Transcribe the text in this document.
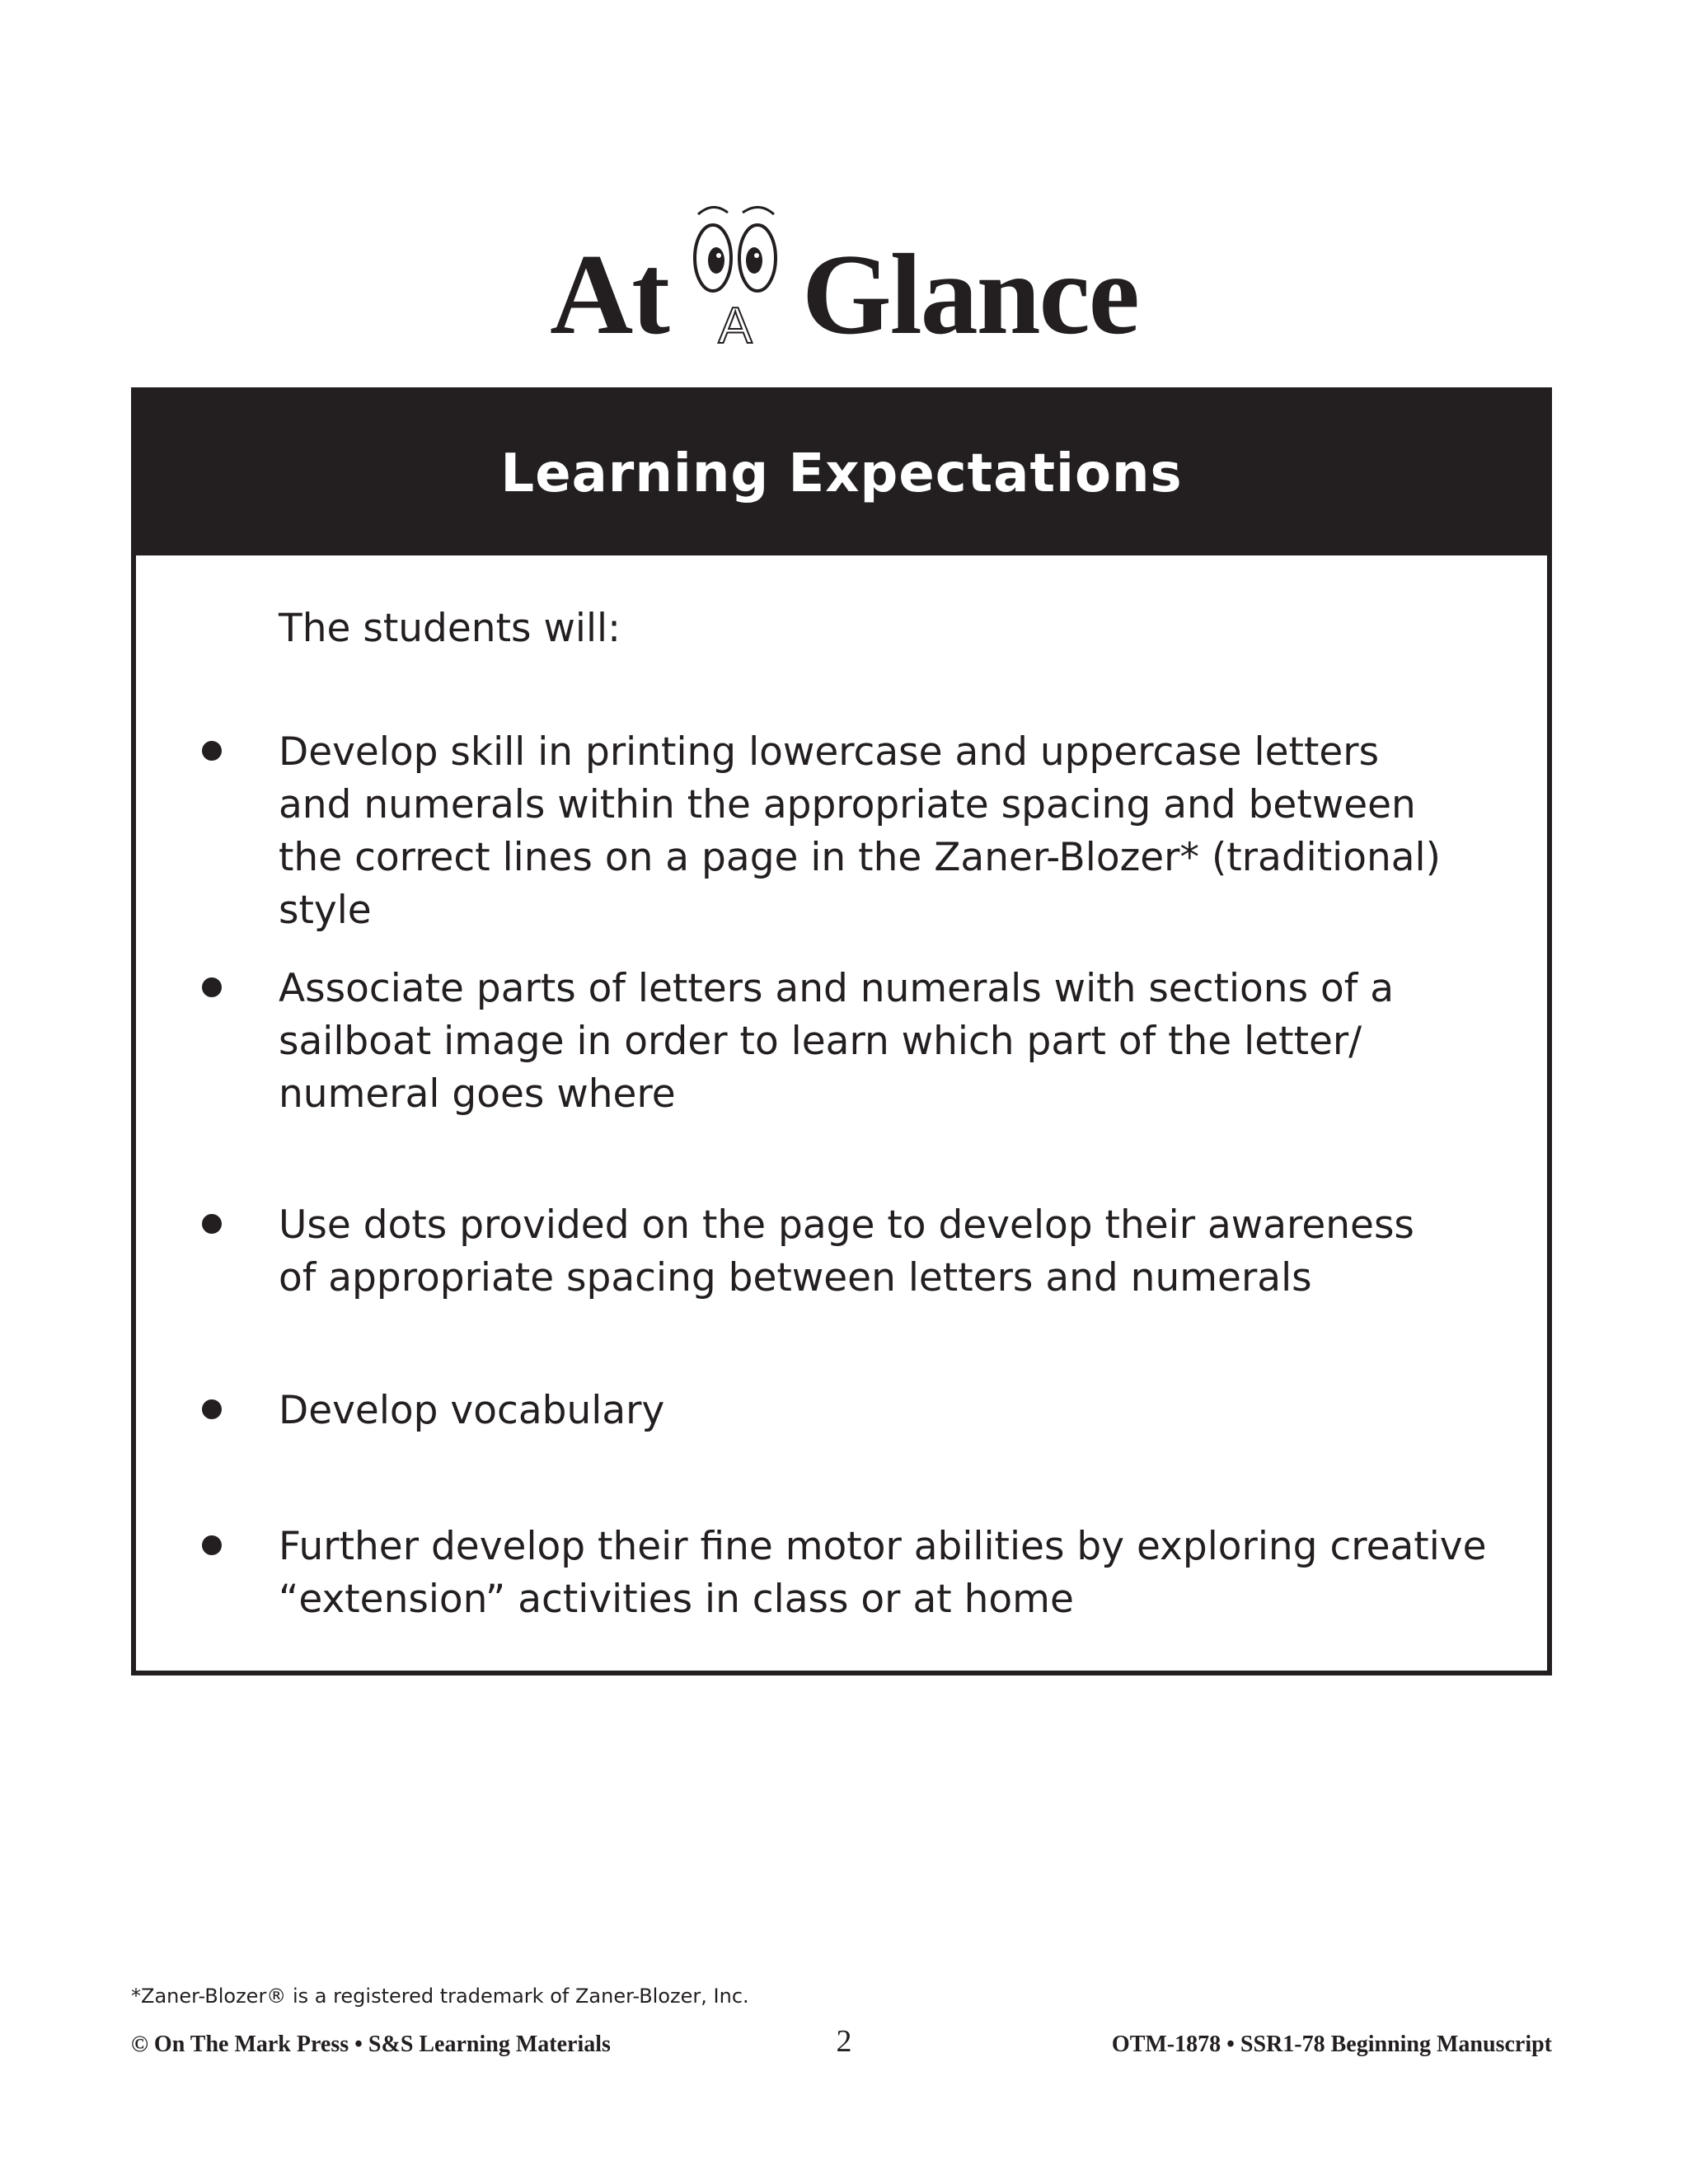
At A Glance
Learning Expectations
The students will:
Develop skill in printing lowercase and uppercase letters
and numerals within the appropriate spacing and between
the correct lines on a page in the Zaner-Blozer* (traditional) style
Associate parts of letters and numerals with sections of a
sailboat image in order to learn which part of the letter/
numeral goes where
Use dots provided on the page to develop their awareness
of appropriate spacing between letters and numerals
Develop vocabulary
Further develop their fine motor abilities by exploring creative
“extension” activities in class or at home
*Zaner-Blozer® is a registered trademark of Zaner-Blozer, Inc.
© On The Mark Press • S&S Learning Materials	2	OTM-1878 • SSR1-78 Beginning Manuscript
